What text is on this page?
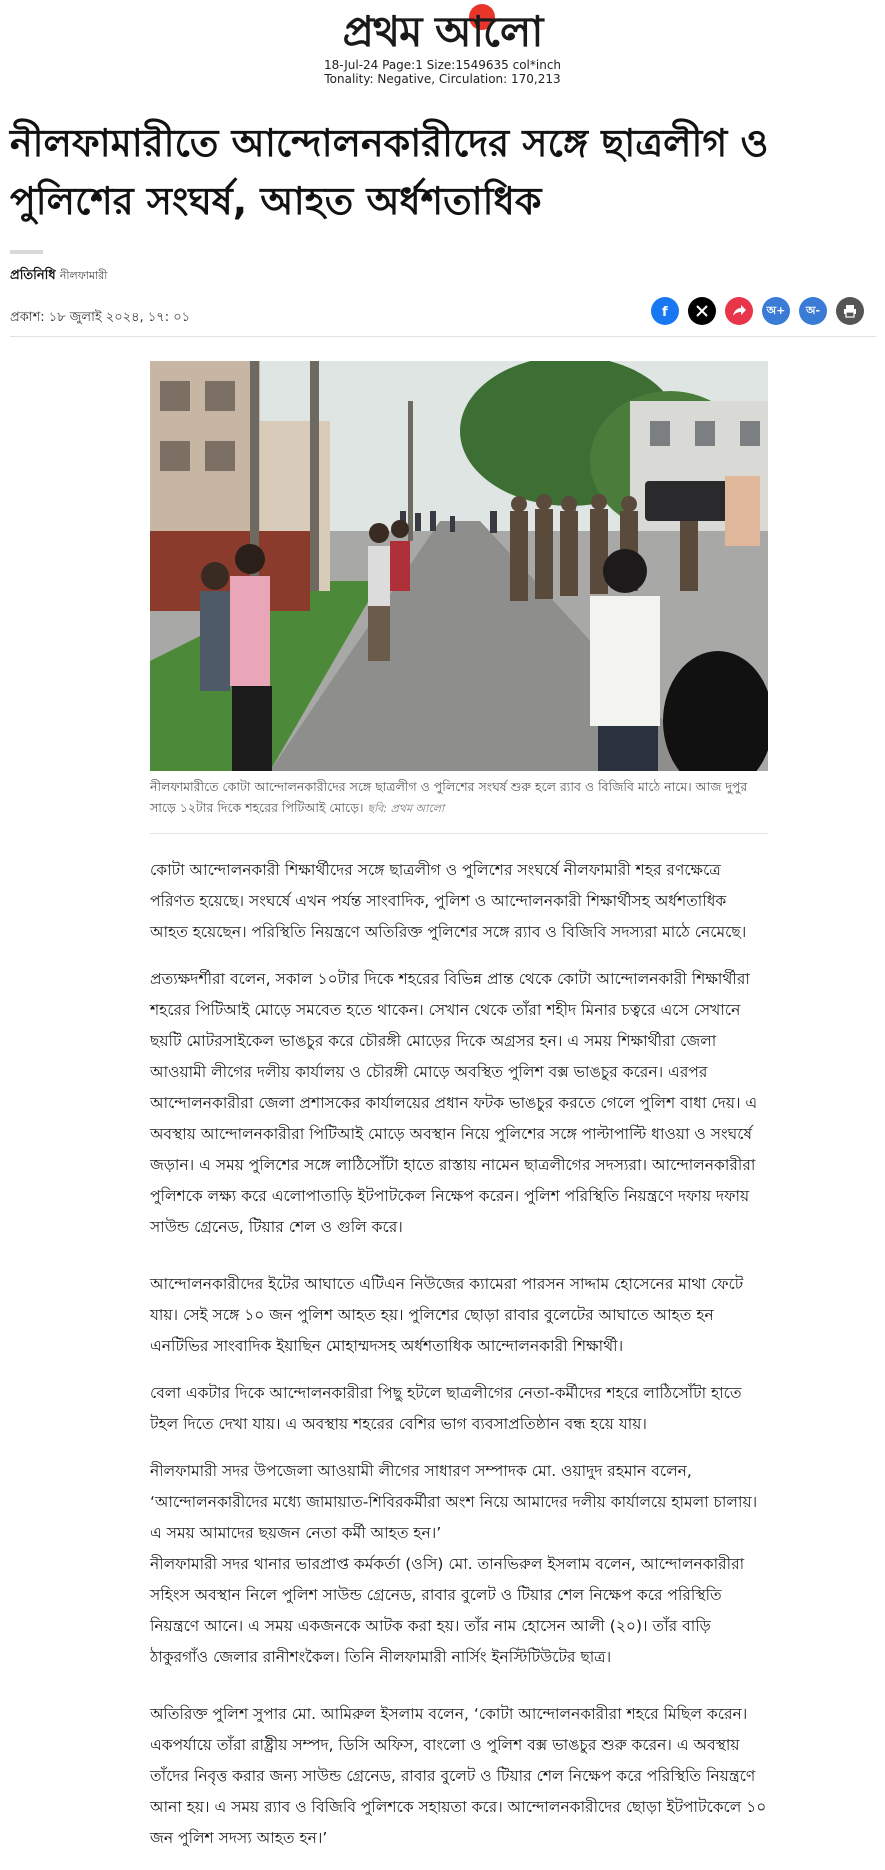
প্রথম আলো
18-Jul-24 Page:1 Size:1549635 col*inch
Tonality: Negative, Circulation: 170,213
নীলফামারীতে আন্দোলনকারীদের সঙ্গে ছাত্রলীগ ও পুলিশের সংঘর্ষ, আহত অর্ধশতাধিক
প্রতিনিধি নীলফামারী
প্রকাশ: ১৮ জুলাই ২০২৪, ১৭: ০১	f	অ+ অ-
নীলফামারীতে কোটা আন্দোলনকারীদের সঙ্গে ছাত্রলীগ ও পুলিশের সংঘর্ষ শুরু হলে র‍্যাব ও বিজিবি মাঠে নামে। আজ দুপুর সাড়ে ১২টার দিকে শহরের পিটিআই মোড়ে। ছবি: প্রথম আলো

কোটা আন্দোলনকারী শিক্ষার্থীদের সঙ্গে ছাত্রলীগ ও পুলিশের সংঘর্ষে নীলফামারী শহর রণক্ষেত্রে পরিণত হয়েছে। সংঘর্ষে এখন পর্যন্ত সাংবাদিক, পুলিশ ও আন্দোলনকারী শিক্ষার্থীসহ অর্ধশতাধিক আহত হয়েছেন। পরিস্থিতি নিয়ন্ত্রণে অতিরিক্ত পুলিশের সঙ্গে র‍্যাব ও বিজিবি সদস্যরা মাঠে নেমেছে।

প্রত্যক্ষদর্শীরা বলেন, সকাল ১০টার দিকে শহরের বিভিন্ন প্রান্ত থেকে কোটা আন্দোলনকারী শিক্ষার্থীরা শহরের পিটিআই মোড়ে সমবেত হতে থাকেন। সেখান থেকে তাঁরা শহীদ মিনার চত্বরে এসে সেখানে ছয়টি মোটরসাইকেল ভাঙচুর করে চৌরঙ্গী মোড়ের দিকে অগ্রসর হন। এ সময় শিক্ষার্থীরা জেলা আওয়ামী লীগের দলীয় কার্যালয় ও চৌরঙ্গী মোড়ে অবস্থিত পুলিশ বক্স ভাঙচুর করেন। এরপর আন্দোলনকারীরা জেলা প্রশাসকের কার্যালয়ের প্রধান ফটক ভাঙচুর করতে গেলে পুলিশ বাধা দেয়। এ অবস্থায় আন্দোলনকারীরা পিটিআই মোড়ে অবস্থান নিয়ে পুলিশের সঙ্গে পাল্টাপাল্টি ধাওয়া ও সংঘর্ষে জড়ান। এ সময় পুলিশের সঙ্গে লাঠিসোঁটা হাতে রাস্তায় নামেন ছাত্রলীগের সদস্যরা। আন্দোলনকারীরা পুলিশকে লক্ষ্য করে এলোপাতাড়ি ইটপাটকেল নিক্ষেপ করেন। পুলিশ পরিস্থিতি নিয়ন্ত্রণে দফায় দফায় সাউন্ড গ্রেনেড, টিয়ার শেল ও গুলি করে।

আন্দোলনকারীদের ইটের আঘাতে এটিএন নিউজের ক্যামেরা পারসন সাদ্দাম হোসেনের মাথা ফেটে যায়। সেই সঙ্গে ১০ জন পুলিশ আহত হয়। পুলিশের ছোড়া রাবার বুলেটের আঘাতে আহত হন এনটিভির সাংবাদিক ইয়াছিন মোহাম্মদসহ অর্ধশতাধিক আন্দোলনকারী শিক্ষার্থী।

বেলা একটার দিকে আন্দোলনকারীরা পিছু হটলে ছাত্রলীগের নেতা-কর্মীদের শহরে লাঠিসোঁটা হাতে টহল দিতে দেখা যায়। এ অবস্থায় শহরের বেশির ভাগ ব্যবসাপ্রতিষ্ঠান বন্ধ হয়ে যায়।

নীলফামারী সদর উপজেলা আওয়ামী লীগের সাধারণ সম্পাদক মো. ওয়াদুদ রহমান বলেন, ‘আন্দোলনকারীদের মধ্যে জামায়াত-শিবিরকর্মীরা অংশ নিয়ে আমাদের দলীয় কার্যালয়ে হামলা চালায়। এ সময় আমাদের ছয়জন নেতা কর্মী আহত হন।’

নীলফামারী সদর থানার ভারপ্রাপ্ত কর্মকর্তা (ওসি) মো. তানভিরুল ইসলাম বলেন, আন্দোলনকারীরা সহিংস অবস্থান নিলে পুলিশ সাউন্ড গ্রেনেড, রাবার বুলেট ও টিয়ার শেল নিক্ষেপ করে পরিস্থিতি নিয়ন্ত্রণে আনে। এ সময় একজনকে আটক করা হয়। তাঁর নাম হোসেন আলী (২০)। তাঁর বাড়ি ঠাকুরগাঁও জেলার রানীশংকৈল। তিনি নীলফামারী নার্সিং ইনস্টিটিউটের ছাত্র।

অতিরিক্ত পুলিশ সুপার মো. আমিরুল ইসলাম বলেন, ‘কোটা আন্দোলনকারীরা শহরে মিছিল করেন। একপর্যায়ে তাঁরা রাষ্ট্রীয় সম্পদ, ডিসি অফিস, বাংলো ও পুলিশ বক্স ভাঙচুর শুরু করেন। এ অবস্থায় তাঁদের নিবৃত্ত করার জন্য সাউন্ড গ্রেনেড, রাবার বুলেট ও টিয়ার শেল নিক্ষেপ করে পরিস্থিতি নিয়ন্ত্রণে আনা হয়। এ সময় র‍্যাব ও বিজিবি পুলিশকে সহায়তা করে। আন্দোলনকারীদের ছোড়া ইটপাটকেলে ১০ জন পুলিশ সদস্য আহত হন।’
